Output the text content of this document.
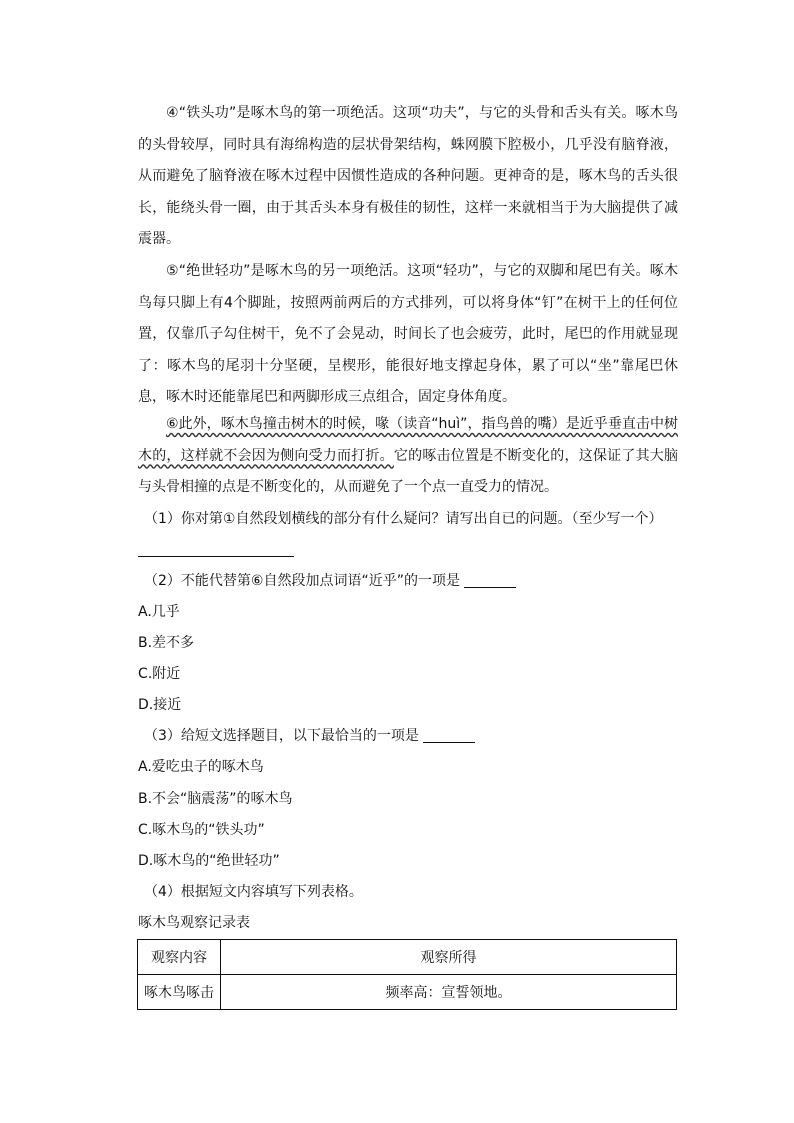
④“铁头功”是啄木鸟的第一项绝活。这项“功夫”，与它的头骨和舌头有关。啄木鸟的头骨较厚，同时具有海绵构造的层状骨架结构，蛛网膜下腔极小，几乎没有脑脊液，从而避免了脑脊液在啄木过程中因惯性造成的各种问题。更神奇的是，啄木鸟的舌头很长，能绕头骨一圈，由于其舌头本身有极佳的韧性，这样一来就相当于为大脑提供了减震器。

⑤“绝世轻功”是啄木鸟的另一项绝活。这项“轻功”，与它的双脚和尾巴有关。啄木鸟每只脚上有4个脚趾，按照两前两后的方式排列，可以将身体“钉”在树干上的任何位置，仅靠爪子勾住树干，免不了会晃动，时间长了也会疲劳，此时，尾巴的作用就显现了：啄木鸟的尾羽十分坚硬，呈楔形，能很好地支撑起身体，累了可以“坐”靠尾巴休息，啄木时还能靠尾巴和两脚形成三点组合，固定身体角度。

⑥此外，啄木鸟撞击树木的时候，喙（读音“huì”，指鸟兽的嘴）是近乎垂直击中树木的，这样就不会因为侧向受力而打折。它的啄击位置是不断变化的，这保证了其大脑与头骨相撞的点是不断变化的，从而避免了一个点一直受力的情况。

（1）你对第①自然段划横线的部分有什么疑问？请写出自已的问题。（至少写一个）
（2）不能代替第⑥自然段加点词语“近乎”的一项是
A.几乎
B.差不多
C.附近
D.接近
（3）给短文选择题目，以下最恰当的一项是
A.爱吃虫子的啄木鸟
B.不会“脑震荡”的啄木鸟
C.啄木鸟的“铁头功”
D.啄木鸟的“绝世轻功”
（4）根据短文内容填写下列表格。
啄木鸟观察记录表
观察内容	观察所得
啄木鸟啄击	频率高：宣誓领地。
